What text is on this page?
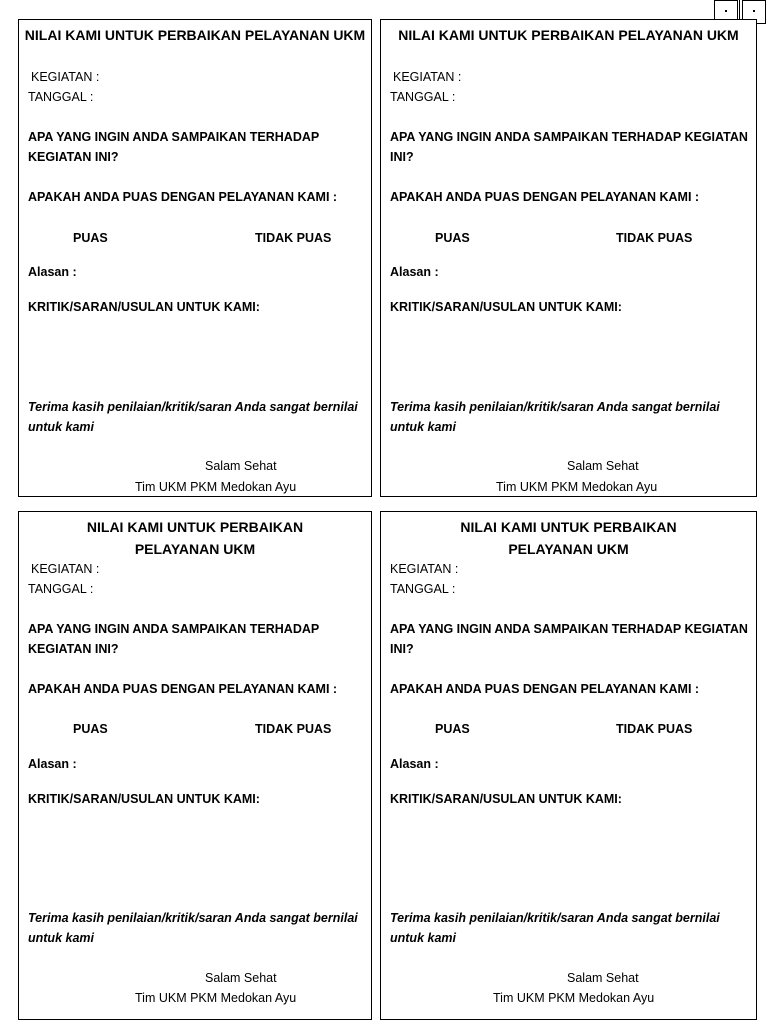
NILAI KAMI UNTUK PERBAIKAN PELAYANAN UKM

KEGIATAN :

TANGGAL :

APA YANG INGIN ANDA SAMPAIKAN TERHADAP

KEGIATAN INI?

APAKAH ANDA PUAS DENGAN PELAYANAN KAMI :

PUAS	TIDAK PUAS

Alasan :

KRITIK/SARAN/USULAN UNTUK KAMI:

Terima kasih penilaian/kritik/saran Anda sangat bernilai

untuk kami

Salam Sehat

Tim UKM PKM Medokan Ayu

NILAI KAMI UNTUK PERBAIKAN PELAYANAN UKM

KEGIATAN :

TANGGAL :

APA YANG INGIN ANDA SAMPAIKAN TERHADAP KEGIATAN

INI?

APAKAH ANDA PUAS DENGAN PELAYANAN KAMI :

PUAS	TIDAK PUAS

Alasan :

KRITIK/SARAN/USULAN UNTUK KAMI:

Terima kasih penilaian/kritik/saran Anda sangat bernilai

untuk kami

Salam Sehat

Tim UKM PKM Medokan Ayu

NILAI KAMI UNTUK PERBAIKAN
PELAYANAN UKM

KEGIATAN :

TANGGAL :

APA YANG INGIN ANDA SAMPAIKAN TERHADAP

KEGIATAN INI?

APAKAH ANDA PUAS DENGAN PELAYANAN KAMI :

PUAS	TIDAK PUAS

Alasan :

KRITIK/SARAN/USULAN UNTUK KAMI:

Terima kasih penilaian/kritik/saran Anda sangat bernilai

untuk kami

Salam Sehat

Tim UKM PKM Medokan Ayu

NILAI KAMI UNTUK PERBAIKAN
PELAYANAN UKM

KEGIATAN :

TANGGAL :

APA YANG INGIN ANDA SAMPAIKAN TERHADAP KEGIATAN

INI?

APAKAH ANDA PUAS DENGAN PELAYANAN KAMI :

PUAS	TIDAK PUAS

Alasan :

KRITIK/SARAN/USULAN UNTUK KAMI:

Terima kasih penilaian/kritik/saran Anda sangat bernilai

untuk kami

Salam Sehat

Tim UKM PKM Medokan Ayu
